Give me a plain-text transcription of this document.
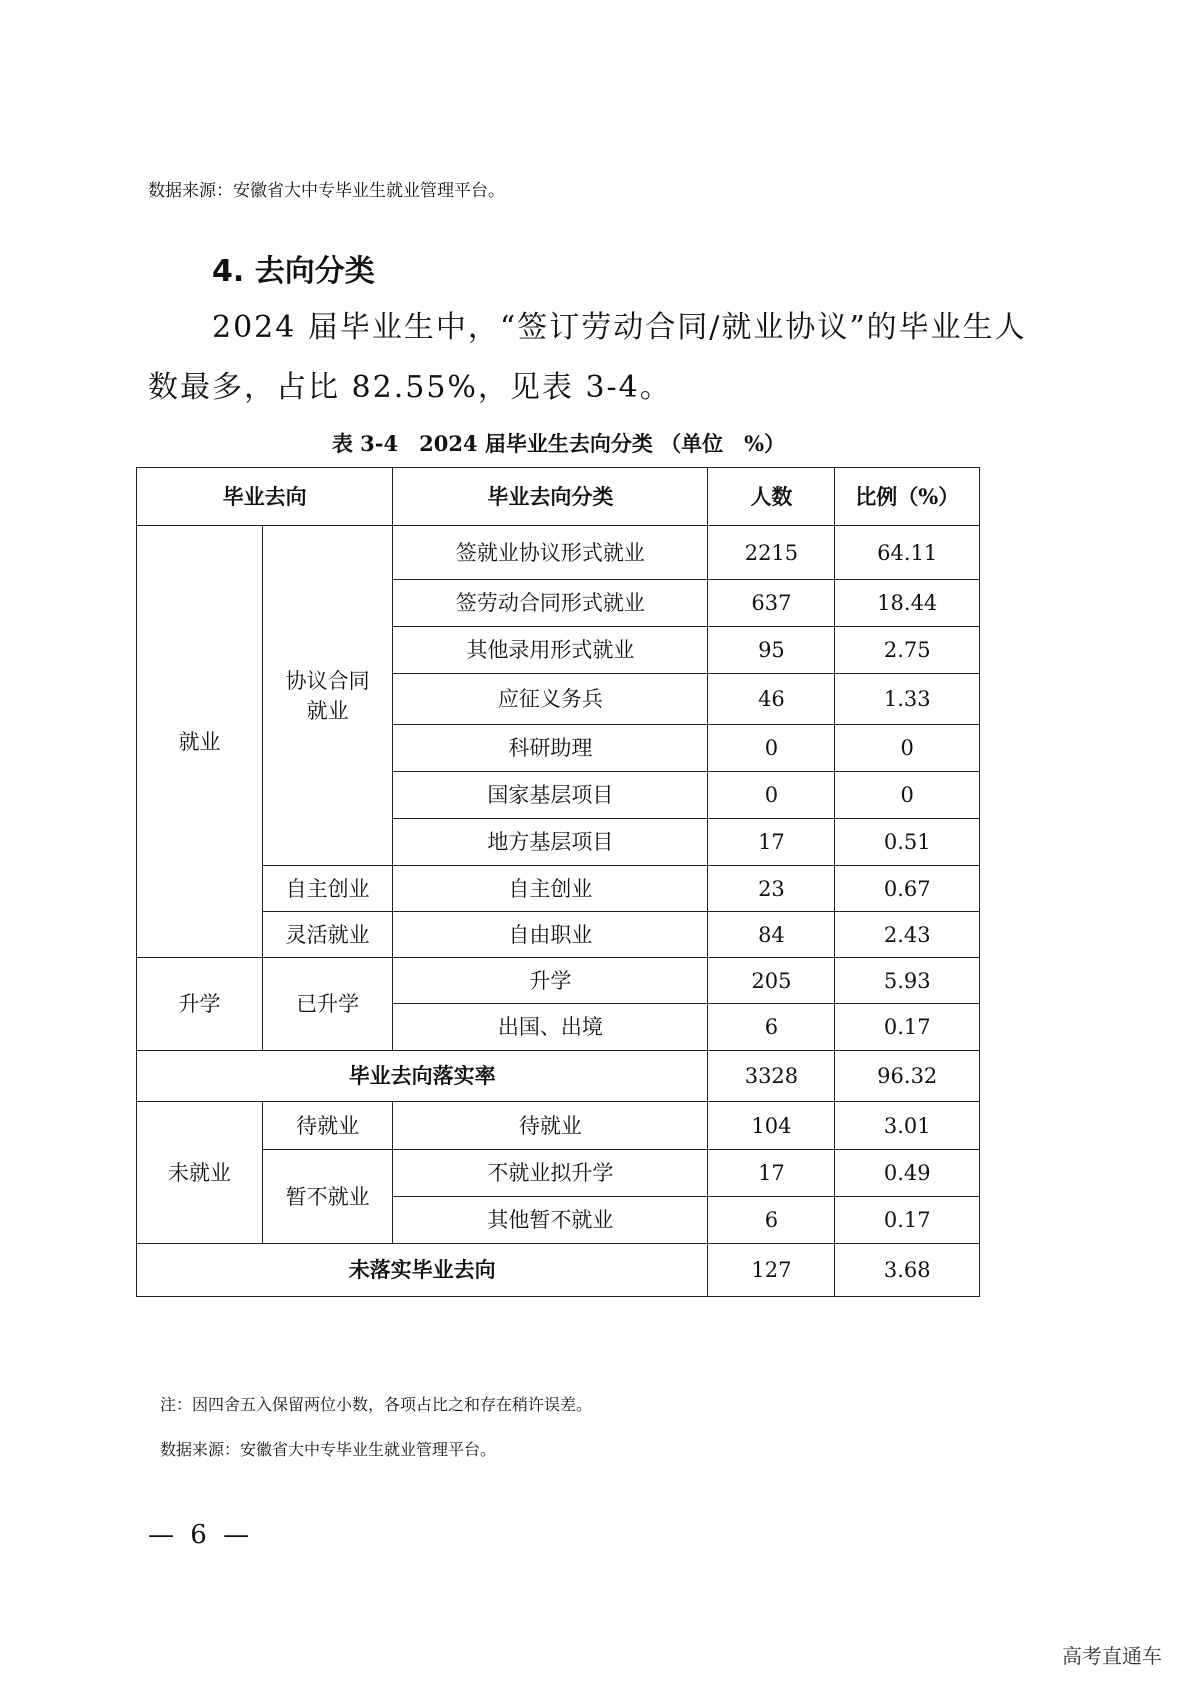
数据来源：安徽省大中专毕业生就业管理平台。
4. 去向分类
2024 届毕业生中，“签订劳动合同/就业协议”的毕业生人数最多，占比 82.55%，见表 3-4。
表 3-4　2024 届毕业生去向分类 （单位　%）
毕业去向		毕业去向分类	人数	比例（%）
就业	协议合同就业	签就业协议形式就业	2215	64.11
		签劳动合同形式就业	637	18.44
		其他录用形式就业	95	2.75
		应征义务兵	46	1.33
		科研助理	0	0
		国家基层项目	0	0
		地方基层项目	17	0.51
	自主创业	自主创业	23	0.67
	灵活就业	自由职业	84	2.43
升学	已升学	升学	205	5.93
		出国、出境	6	0.17
毕业去向落实率			3328	96.32
未就业	待就业	待就业	104	3.01
	暂不就业	不就业拟升学	17	0.49
		其他暂不就业	6	0.17
未落实毕业去向			127	3.68
注：因四舍五入保留两位小数，各项占比之和存在稍许误差。
数据来源：安徽省大中专毕业生就业管理平台。
— 6 —
高考直通车
